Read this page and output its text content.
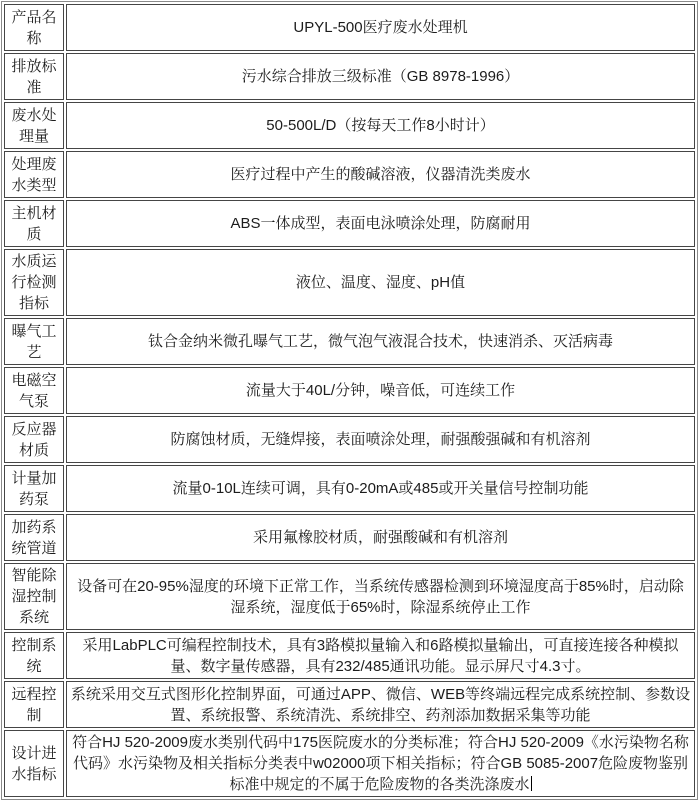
产品名称	UPYL-500医疗废水处理机
排放标准	污水综合排放三级标准（GB 8978-1996）
废水处理量	50-500L/D（按每天工作8小时计）
处理废水类型	医疗过程中产生的酸碱溶液，仪器清洗类废水
主机材质	ABS一体成型，表面电泳喷涂处理，防腐耐用
水质运行检测指标	液位、温度、湿度、pH值
曝气工艺	钛合金纳米微孔曝气工艺，微气泡气液混合技术，快速消杀、灭活病毒
电磁空气泵	流量大于40L/分钟，噪音低，可连续工作
反应器材质	防腐蚀材质，无缝焊接，表面喷涂处理，耐强酸强碱和有机溶剂
计量加药泵	流量0-10L连续可调，具有0-20mA或485或开关量信号控制功能
加药系统管道	采用氟橡胶材质，耐强酸碱和有机溶剂
智能除湿控制系统	设备可在20-95%湿度的环境下正常工作，当系统传感器检测到环境湿度高于85%时，启动除湿系统，湿度低于65%时，除湿系统停止工作
控制系统	采用LabPLC可编程控制技术，具有3路模拟量输入和6路模拟量输出，可直接连接各种模拟量、数字量传感器，具有232/485通讯功能。显示屏尺寸4.3寸。
远程控制	系统采用交互式图形化控制界面，可通过APP、微信、WEB等终端远程完成系统控制、参数设置、系统报警、系统清洗、系统排空、药剂添加数据采集等功能
设计进水指标	符合HJ 520-2009废水类别代码中175医院废水的分类标准；符合HJ 520-2009《水污染物名称代码》水污染物及相关指标分类表中w02000项下相关指标；符合GB 5085-2007危险废物鉴别标准中规定的不属于危险废物的各类洗涤废水
